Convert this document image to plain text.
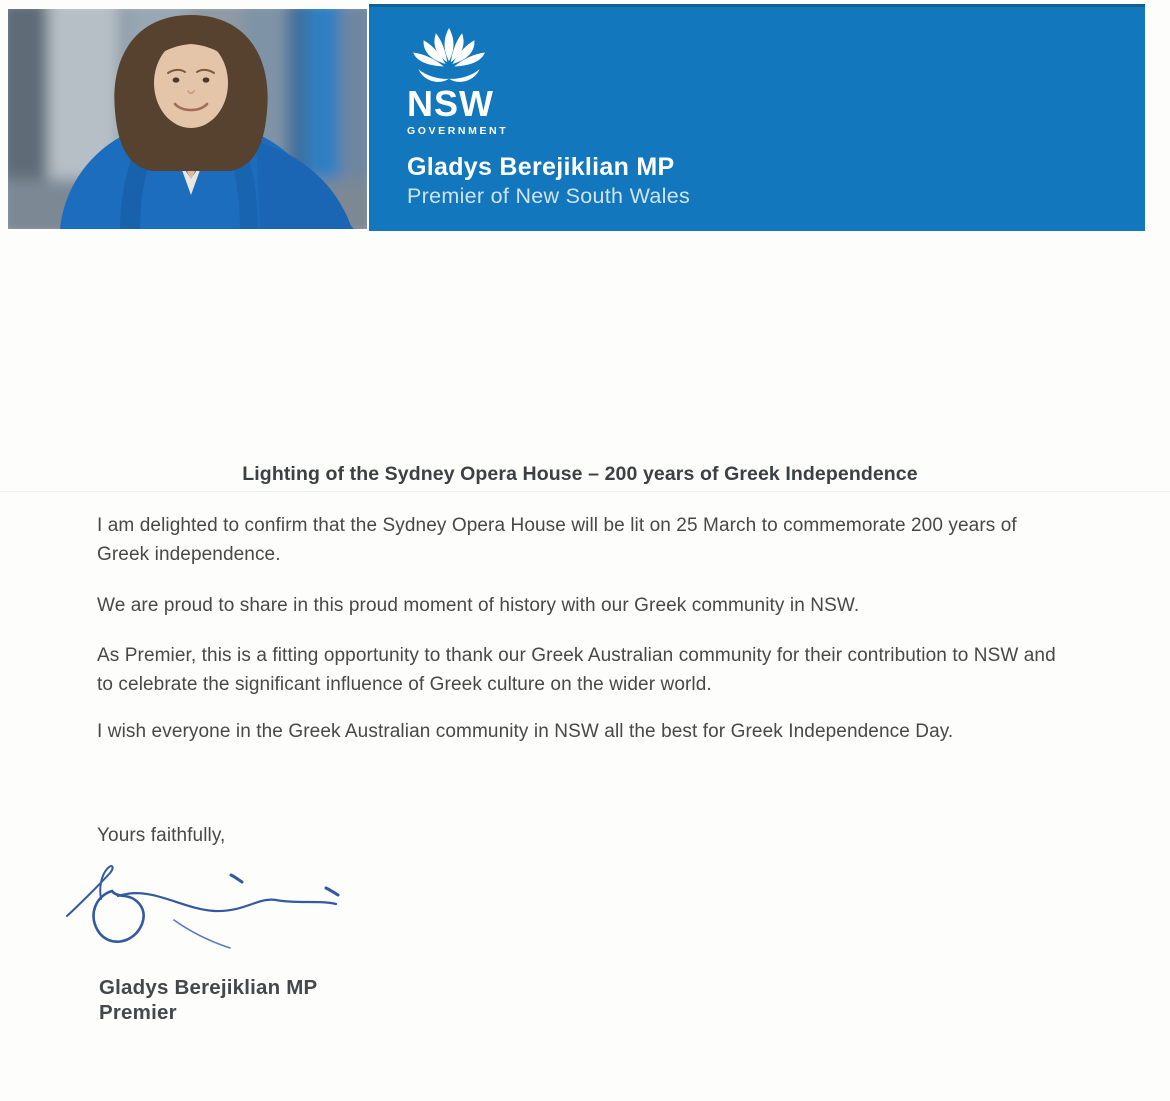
NSW
GOVERNMENT
Gladys Berejiklian MP
Premier of New South Wales
Lighting of the Sydney Opera House – 200 years of Greek Independence

I am delighted to confirm that the Sydney Opera House will be lit on 25 March to commemorate 200 years of Greek independence.

We are proud to share in this proud moment of history with our Greek community in NSW.

As Premier, this is a fitting opportunity to thank our Greek Australian community for their contribution to NSW and to celebrate the significant influence of Greek culture on the wider world.

I wish everyone in the Greek Australian community in NSW all the best for Greek Independence Day.

Yours faithfully,

Gladys Berejiklian MP
Premier
